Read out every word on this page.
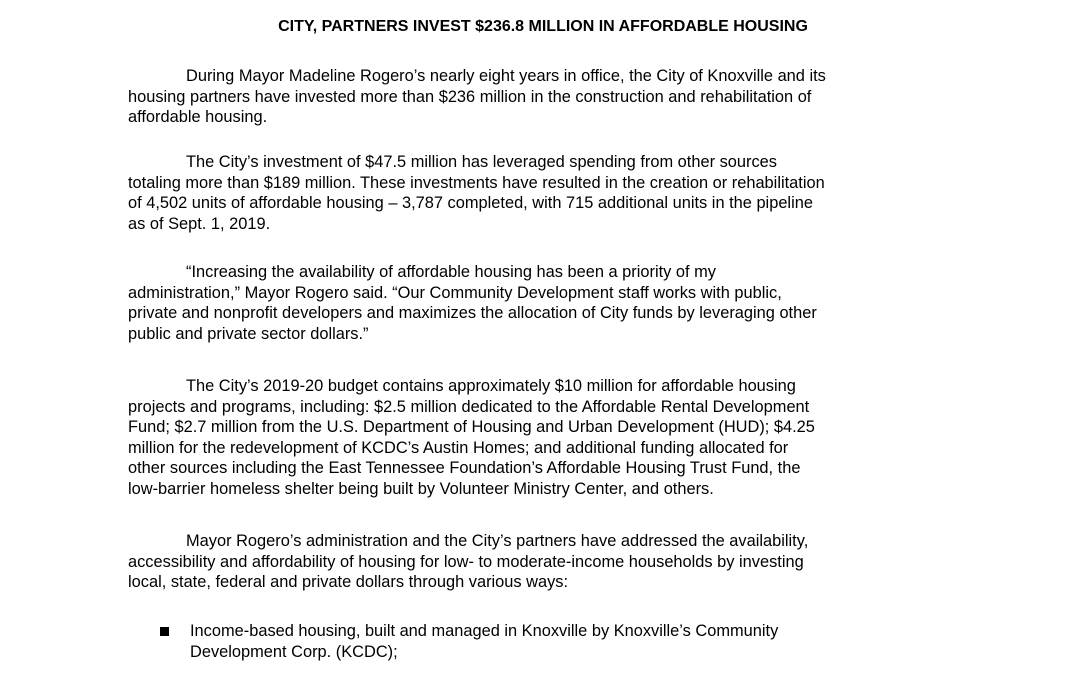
CITY, PARTNERS INVEST $236.8 MILLION IN AFFORDABLE HOUSING

During Mayor Madeline Rogero’s nearly eight years in office, the City of Knoxville and its
housing partners have invested more than $236 million in the construction and rehabilitation of
affordable housing.

The City’s investment of $47.5 million has leveraged spending from other sources
totaling more than $189 million. These investments have resulted in the creation or rehabilitation
of 4,502 units of affordable housing – 3,787 completed, with 715 additional units in the pipeline
as of Sept. 1, 2019.

“Increasing the availability of affordable housing has been a priority of my
administration,” Mayor Rogero said. “Our Community Development staff works with public,
private and nonprofit developers and maximizes the allocation of City funds by leveraging other
public and private sector dollars.”

The City’s 2019-20 budget contains approximately $10 million for affordable housing
projects and programs, including: $2.5 million dedicated to the Affordable Rental Development
Fund; $2.7 million from the U.S. Department of Housing and Urban Development (HUD); $4.25
million for the redevelopment of KCDC’s Austin Homes; and additional funding allocated for
other sources including the East Tennessee Foundation’s Affordable Housing Trust Fund, the
low-barrier homeless shelter being built by Volunteer Ministry Center, and others.

Mayor Rogero’s administration and the City’s partners have addressed the availability,
accessibility and affordability of housing for low- to moderate-income households by investing
local, state, federal and private dollars through various ways:

Income-based housing, built and managed in Knoxville by Knoxville’s Community
Development Corp. (KCDC);
